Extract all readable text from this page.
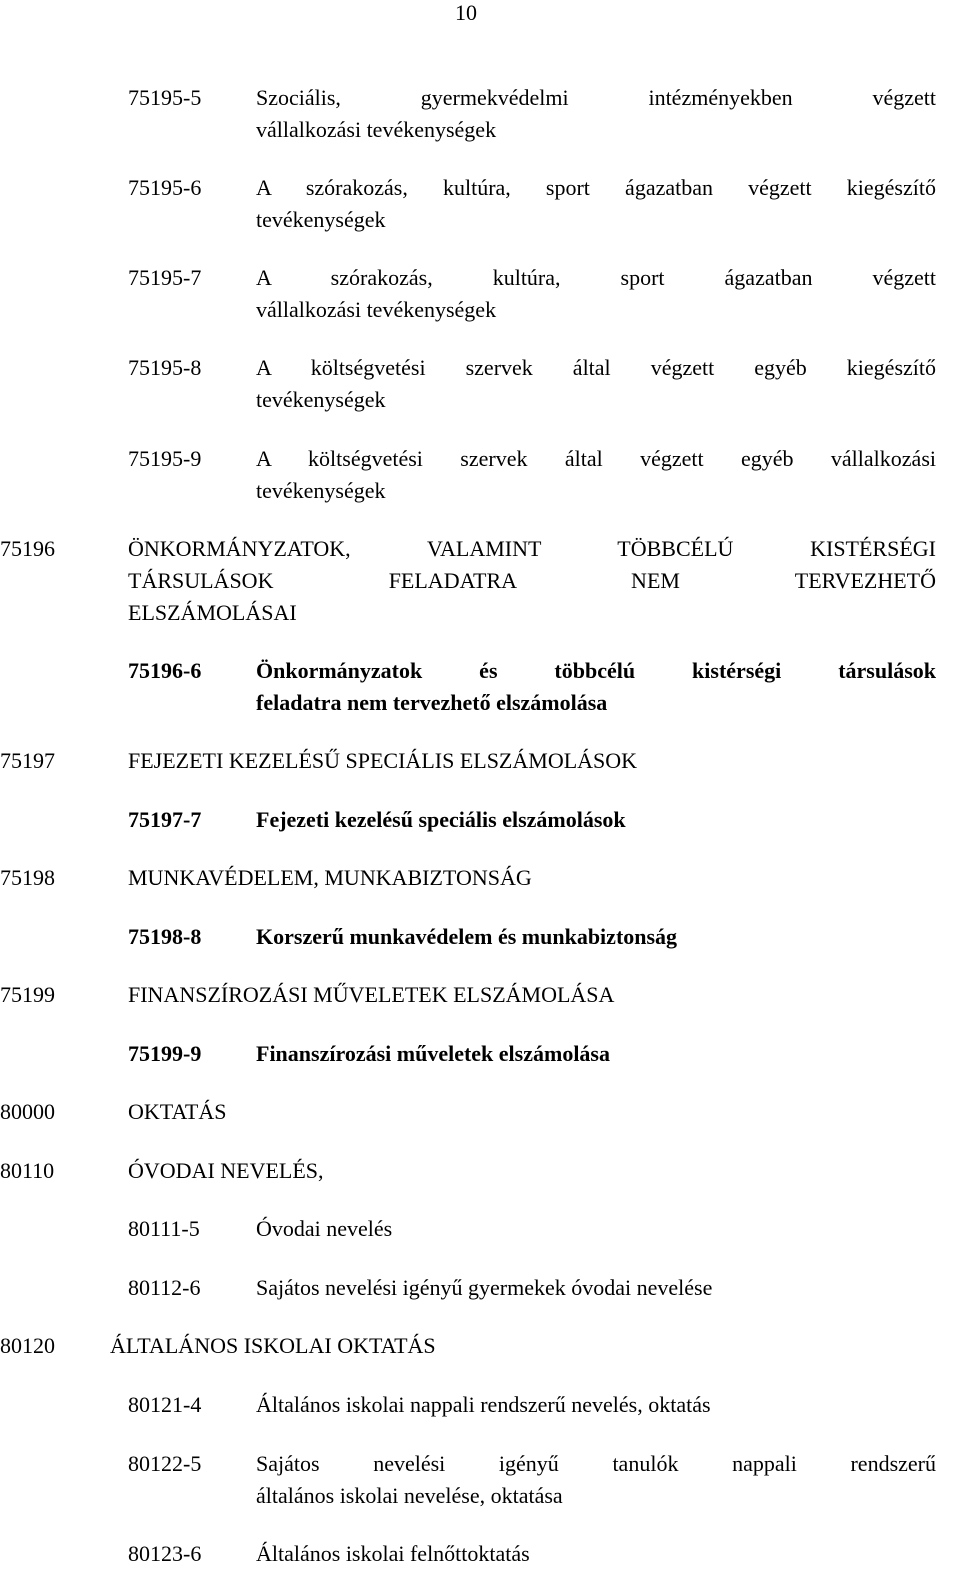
10
75195-5 Szociális, gyermekvédelmi intézményekben végzett
vállalkozási tevékenységek
75195-6 A szórakozás, kultúra, sport ágazatban végzett kiegészítő
tevékenységek
75195-7 A szórakozás, kultúra, sport ágazatban végzett
vállalkozási tevékenységek
75195-8 A költségvetési szervek által végzett egyéb kiegészítő
tevékenységek
75195-9 A költségvetési szervek által végzett egyéb vállalkozási
tevékenységek
75196	ÖNKORMÁNYZATOK, VALAMINT TÖBBCÉLÚ KISTÉRSÉGI
TÁRSULÁSOK FELADATRA NEM TERVEZHETŐ
ELSZÁMOLÁSAI
75196-6 Önkormányzatok és többcélú kistérségi társulások
feladatra nem tervezhető elszámolása
75197	FEJEZETI KEZELÉSŰ SPECIÁLIS ELSZÁMOLÁSOK
75197-7 Fejezeti kezelésű speciális elszámolások
75198	MUNKAVÉDELEM, MUNKABIZTONSÁG
75198-8 Korszerű munkavédelem és munkabiztonság
75199	FINANSZÍROZÁSI MŰVELETEK ELSZÁMOLÁSA
75199-9 Finanszírozási műveletek elszámolása
80000	OKTATÁS
80110	ÓVODAI NEVELÉS,
80111-5	Óvodai nevelés
80112-6	Sajátos nevelési igényű gyermekek óvodai nevelése
80120	ÁLTALÁNOS ISKOLAI OKTATÁS
80121-4 Általános iskolai nappali rendszerű nevelés, oktatás
80122-5 Sajátos nevelési igényű tanulók nappali rendszerű
általános iskolai nevelése, oktatása
80123-6 Általános iskolai felnőttoktatás
